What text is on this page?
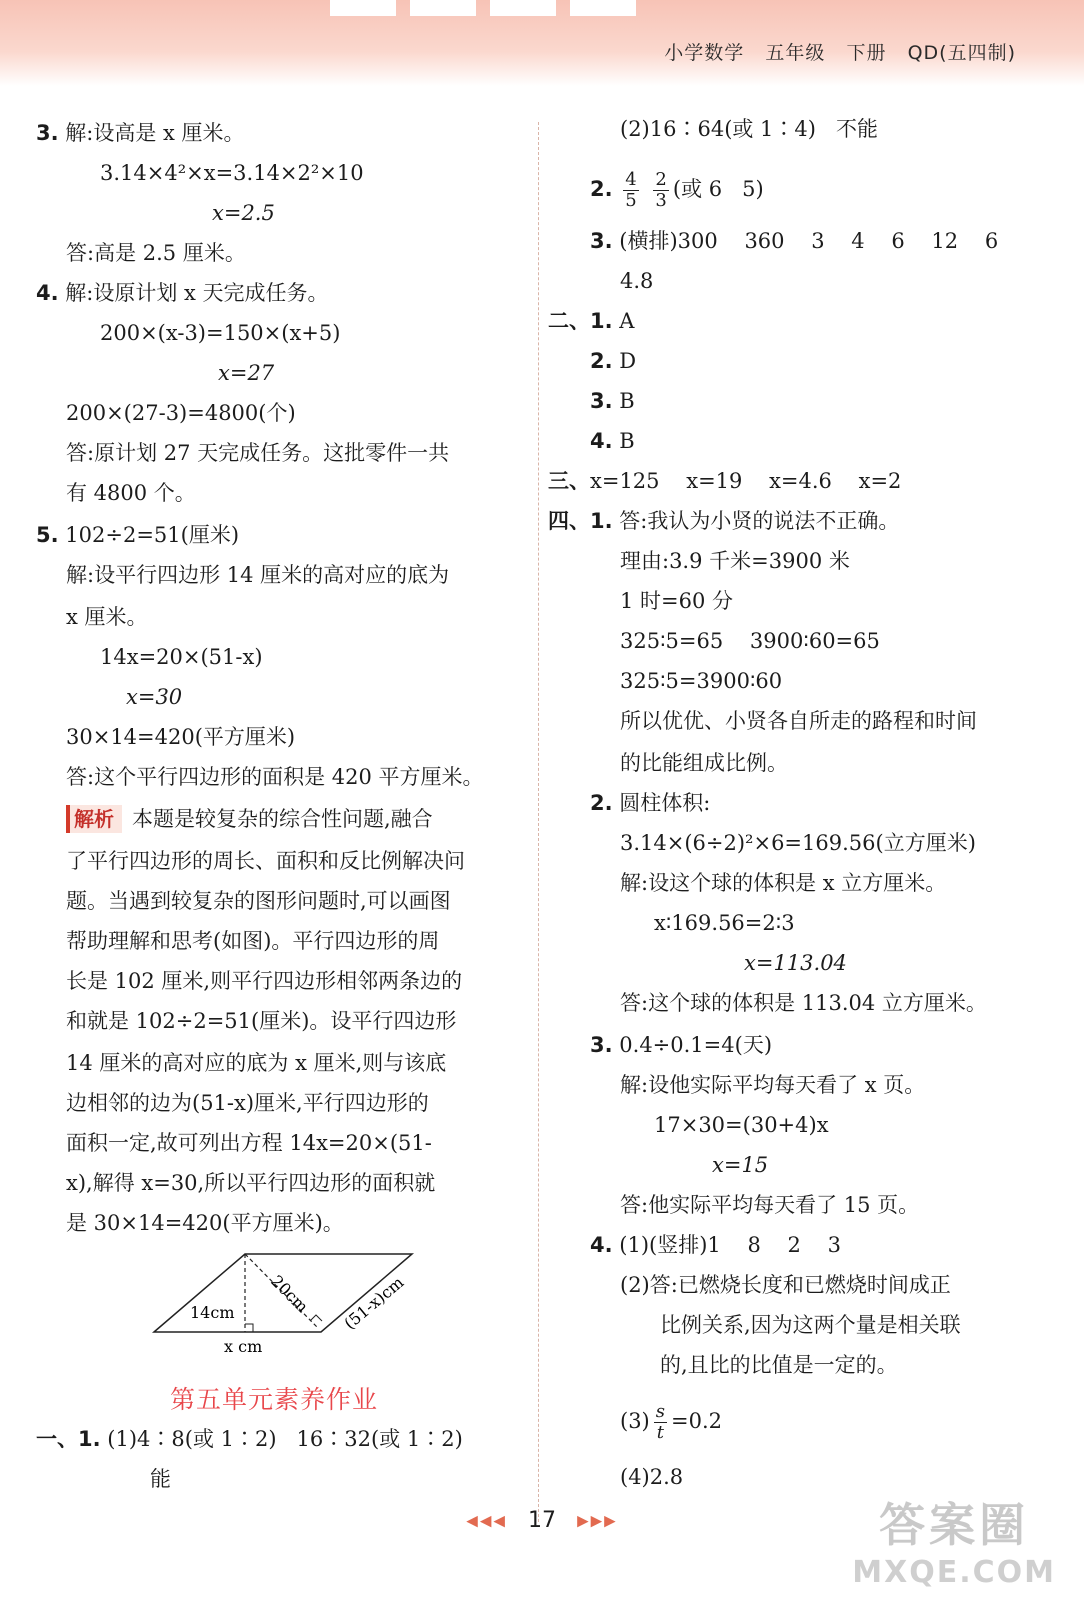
小学数学   五年级   下册   QD(五四制)
3. 解:设高是 x 厘米。
3.14×4²×x=3.14×2²×10
x=2.5
答:高是 2.5 厘米。
4. 解:设原计划 x 天完成任务。
200×(x-3)=150×(x+5)
x=27
200×(27-3)=4800(个)
答:原计划 27 天完成任务。这批零件一共
有 4800 个。
5. 102÷2=51(厘米)
解:设平行四边形 14 厘米的高对应的底为
x 厘米。
14x=20×(51-x)
x=30
30×14=420(平方厘米)
答:这个平行四边形的面积是 420 平方厘米。
解析 本题是较复杂的综合性问题,融合
了平行四边形的周长、面积和反比例解决问
题。当遇到较复杂的图形问题时,可以画图
帮助理解和思考(如图)。平行四边形的周
长是 102 厘米,则平行四边形相邻两条边的
和就是 102÷2=51(厘米)。设平行四边形
14 厘米的高对应的底为 x 厘米,则与该底
边相邻的边为(51-x)厘米,平行四边形的
面积一定,故可列出方程 14x=20×(51-
x),解得 x=30,所以平行四边形的面积就
是 30×14=420(平方厘米)。
14cm 20cm (51-x)cm
x cm
第五单元素养作业
一、1. (1)4∶8(或 1∶2)   16∶32(或 1∶2)
能
(2)16∶64(或 1∶4)   不能
2. $\frac{4}{5}$
$\frac{2}{3}$ (或 6   5)
3. (横排)300    360    3    4    6    12    6
4.8
二、1. A
2. D
3. B
4. B
三、x=125    x=19    x=4.6    x=2
四、1. 答:我认为小贤的说法不正确。
理由:3.9 千米=3900 米
1 时=60 分
325∶5=65    3900∶60=65
325∶5=3900∶60
所以优优、小贤各自所走的路程和时间
的比能组成比例。
2. 圆柱体积:
3.14×(6÷2)²×6=169.56(立方厘米)
解:设这个球的体积是 x 立方厘米。
x∶169.56=2∶3
x=113.04
答:这个球的体积是 113.04 立方厘米。
3. 0.4÷0.1=4(天)
解:设他实际平均每天看了 x 页。
17×30=(30+4)x
x=15
答:他实际平均每天看了 15 页。
4. (1)(竖排)1    8    2    3
(2)答:已燃烧长度和已燃烧时间成正
比例关系,因为这两个量是相关联
的,且比的比值是一定的。
$(3) \frac{s}{t} =0.2$
(4)2.8
◀◀◀ 17 ▶▶▶	答案圈
MXQE.COM
